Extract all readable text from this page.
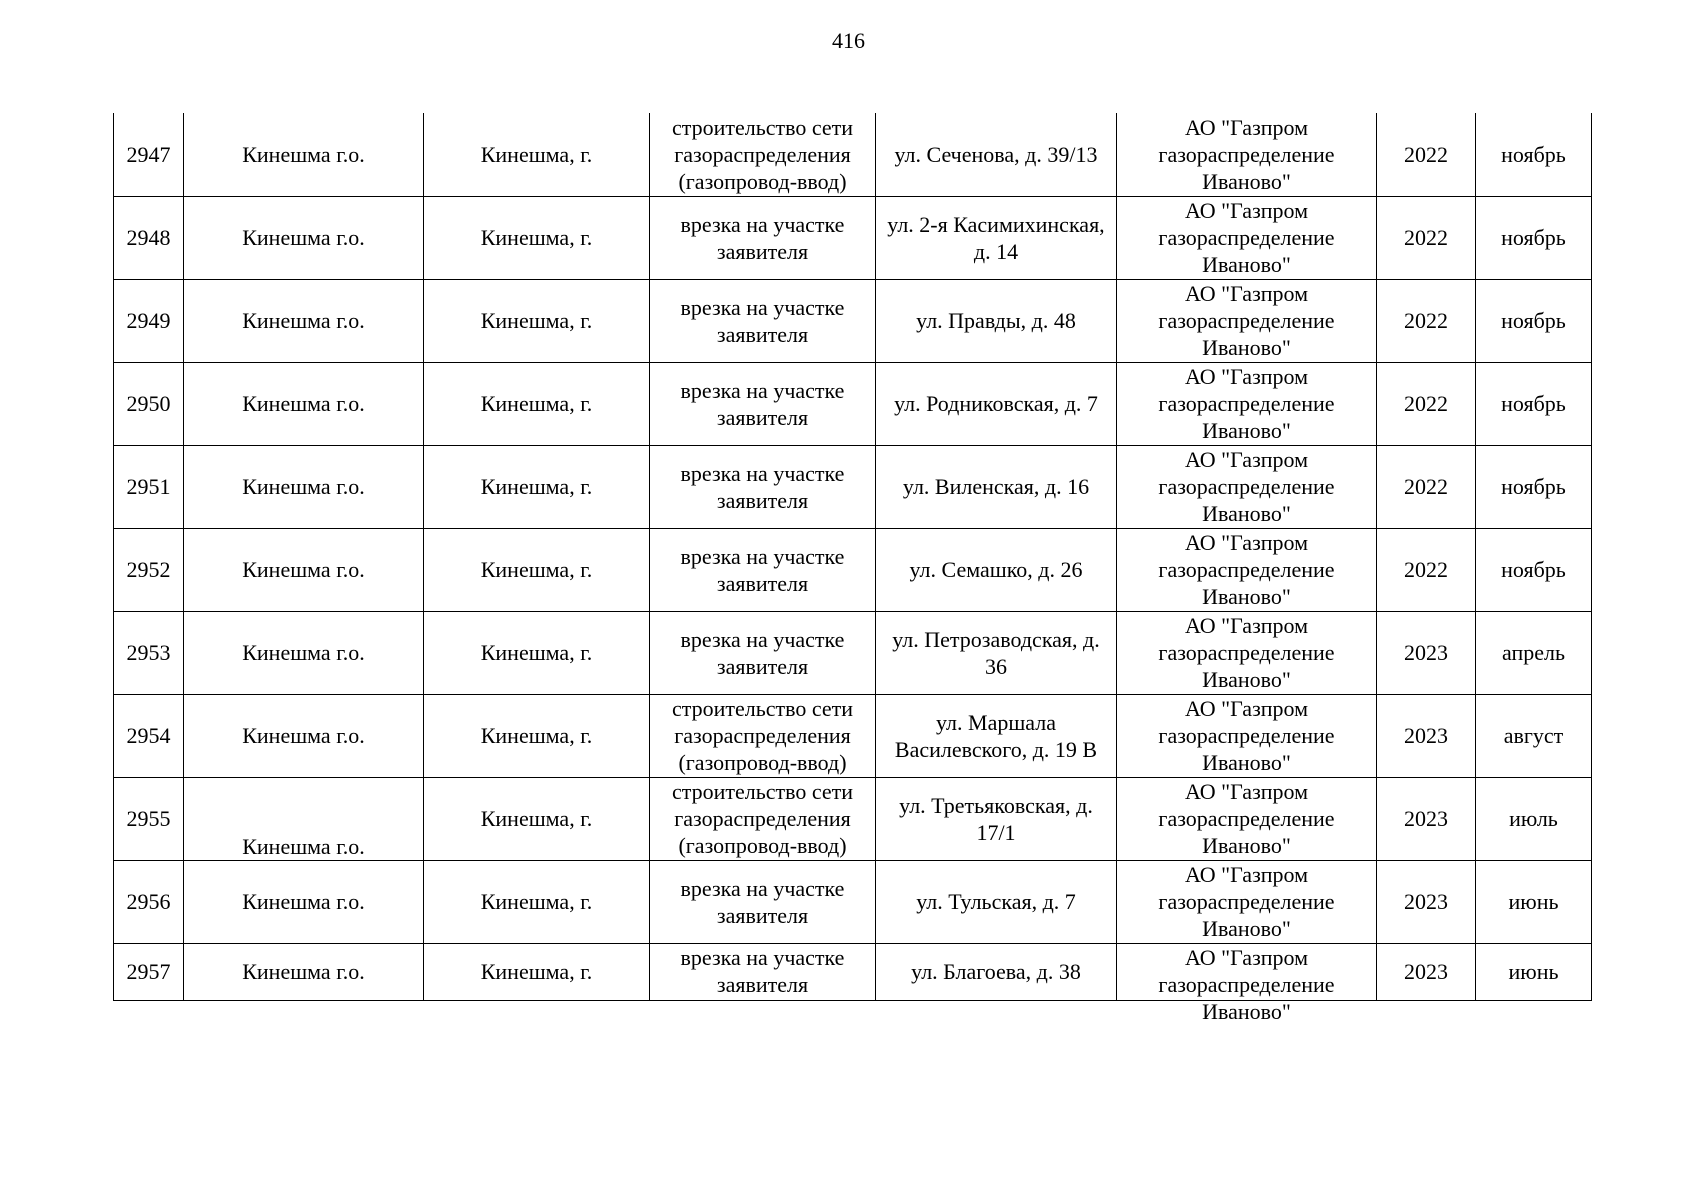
416
2947	Кинешма г.о.	Кинешма, г.	строительство сети газораспределения (газопровод-ввод)	ул. Сеченова, д. 39/13	АО "Газпром газораспределение Иваново"	2022	ноябрь
2948	Кинешма г.о.	Кинешма, г.	врезка на участке заявителя	ул. 2-я Касимихинская, д. 14	АО "Газпром газораспределение Иваново"	2022	ноябрь
2949	Кинешма г.о.	Кинешма, г.	врезка на участке заявителя	ул. Правды, д. 48	АО "Газпром газораспределение Иваново"	2022	ноябрь
2950	Кинешма г.о.	Кинешма, г.	врезка на участке заявителя	ул. Родниковская, д. 7	АО "Газпром газораспределение Иваново"	2022	ноябрь
2951	Кинешма г.о.	Кинешма, г.	врезка на участке заявителя	ул. Виленская, д. 16	АО "Газпром газораспределение Иваново"	2022	ноябрь
2952	Кинешма г.о.	Кинешма, г.	врезка на участке заявителя	ул. Семашко, д. 26	АО "Газпром газораспределение Иваново"	2022	ноябрь
2953	Кинешма г.о.	Кинешма, г.	врезка на участке заявителя	ул. Петрозаводская, д. 36	АО "Газпром газораспределение Иваново"	2023	апрель
2954	Кинешма г.о.	Кинешма, г.	строительство сети газораспределения (газопровод-ввод)	ул. Маршала Василевского, д. 19 В	АО "Газпром газораспределение Иваново"	2023	август
2955	Кинешма г.о.	Кинешма, г.	строительство сети газораспределения (газопровод-ввод)	ул. Третьяковская, д. 17/1	АО "Газпром газораспределение Иваново"	2023	июль
2956	Кинешма г.о.	Кинешма, г.	врезка на участке заявителя	ул. Тульская, д. 7	АО "Газпром газораспределение Иваново"	2023	июнь
2957	Кинешма г.о.	Кинешма, г.	врезка на участке заявителя	ул. Благоева, д. 38	АО "Газпром газораспределение Иваново"	2023	июнь
